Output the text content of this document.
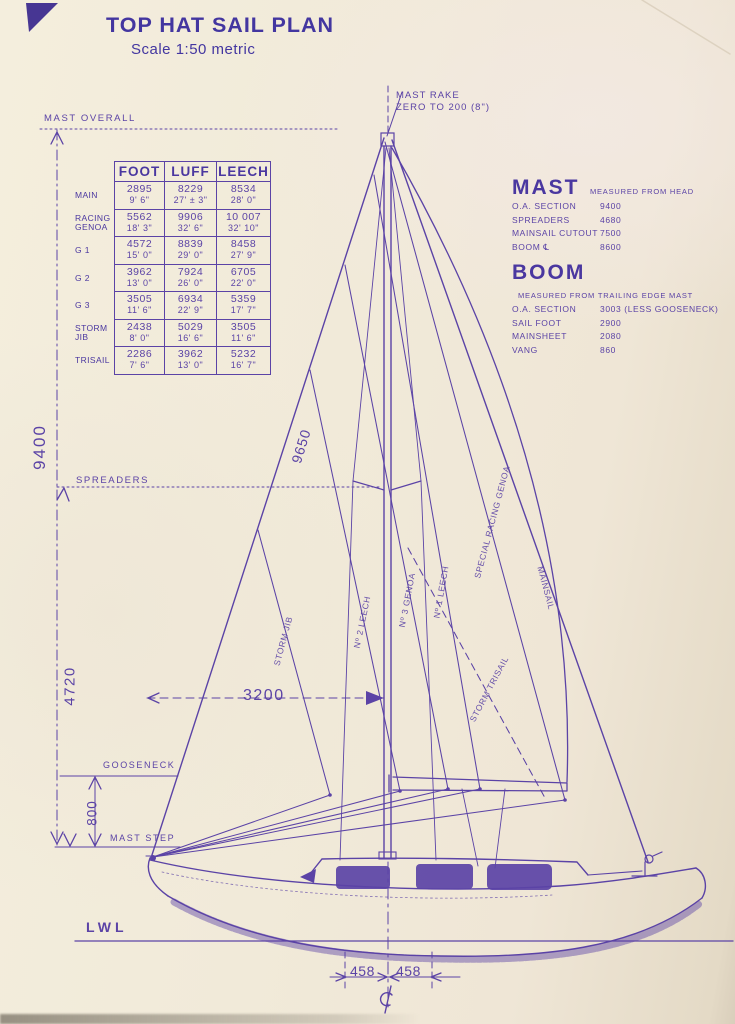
TOP HAT SAIL PLAN
Scale 1:50 metric
FOOT LUFF LEECH
MAIN
2895
9' 6"
8229
27' ± 3"
8534
28' 0"
RACING GENOA
5562
18' 3"
9906
32' 6"
10 007
32' 10"
G 1
4572
15' 0"
8839
29' 0"
8458
27' 9"
G 2
3962
13' 0"
7924
26' 0"
6705
22' 0"
G 3
3505
11' 6"
6934
22' 9"
5359
17' 7"
STORM JIB
2438
8' 0"
5029
16' 6"
3505
11' 6"
TRISAIL
2286
7' 6"
3962
13' 0"
5232
16' 7"
MAST MEASURED FROM HEAD
O.A. SECTION	9400
SPREADERS	4680
MAINSAIL CUTOUT 7500
BOOM ℄	8600
BOOM MEASURED FROM TRAILING EDGE MAST
O.A. SECTION	3003 (LESS GOOSENECK)
SAIL FOOT	2900
MAINSHEET	2080
VANG	860
MAST RAKE
ZERO TO 200 (8")
MAST OVERALL
SPREADERS
GOOSENECK
MAST STEP
LWL
9400
4720
800
9650
3200
458 458
STORM JIB	Nº 2 LEECH	Nº 3 GENOA Nº 1 LEECH
SPECIAL RACING GENOA
STORM TRISAIL
MAINSAIL
